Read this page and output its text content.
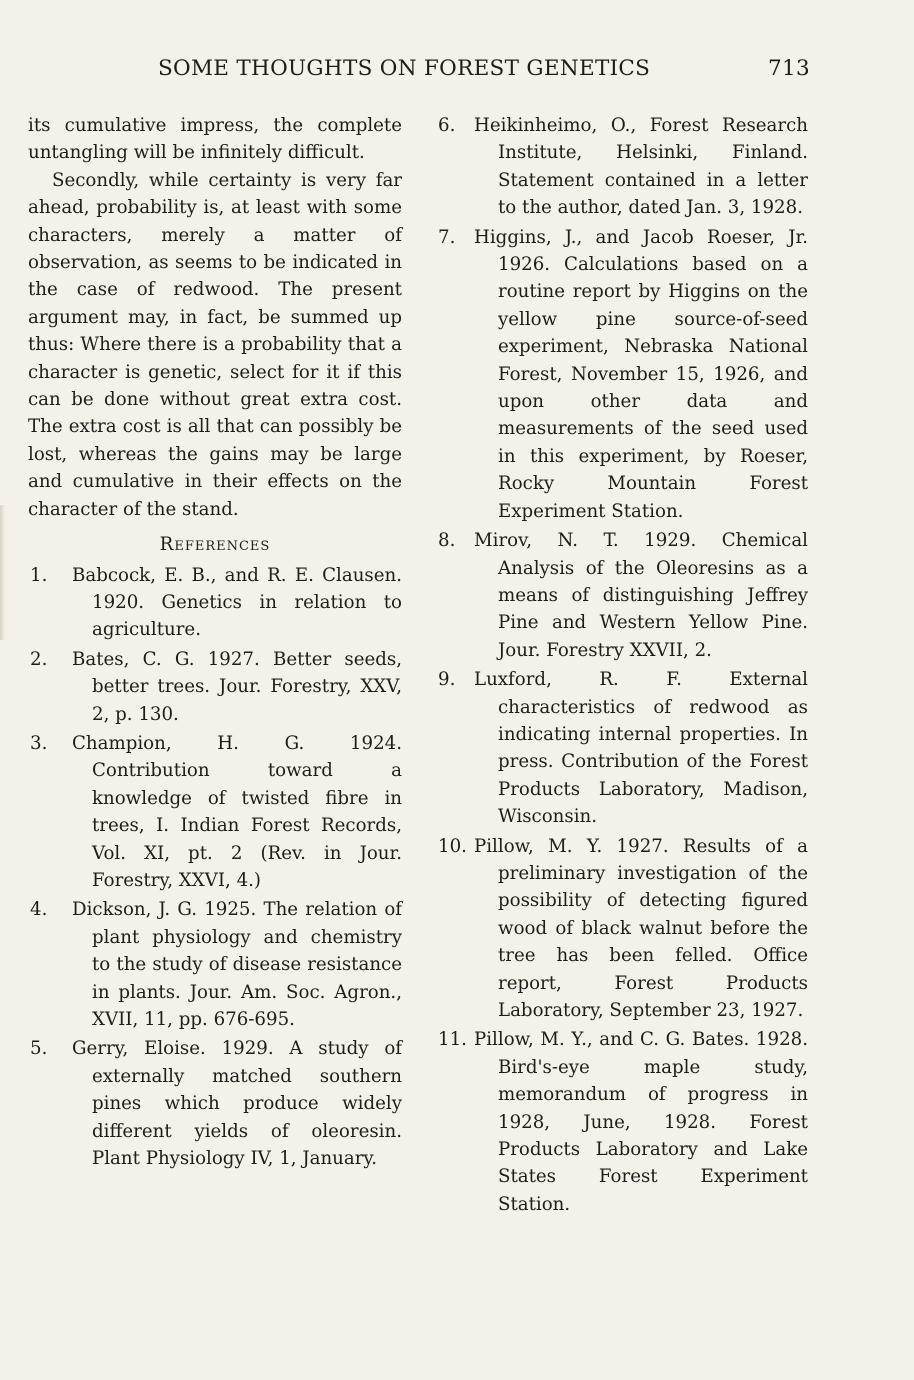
SOME THOUGHTS ON FOREST GENETICS	713

its cumulative impress, the complete untangling will be infinitely difficult.

Secondly, while certainty is very far ahead, probability is, at least with some characters, merely a matter of observation, as seems to be indicated in the case of redwood. The present argument may, in fact, be summed up thus: Where there is a probability that a character is genetic, select for it if this can be done without great extra cost. The extra cost is all that can possibly be lost, whereas the gains may be large and cumulative in their effects on the character of the stand.

References
1.	Babcock, E. B., and R. E. Clausen. 1920. Genetics in relation to agriculture.
2.	Bates, C. G. 1927. Better seeds, better trees. Jour. Forestry, XXV, 2, p. 130.
3.	Champion, H. G. 1924. Contribution toward a knowledge of twisted fibre in trees, I. Indian Forest Records, Vol. XI, pt. 2 (Rev. in Jour. Forestry, XXVI, 4.)
4.	Dickson, J. G. 1925. The relation of plant physiology and chemistry to the study of disease resistance in plants. Jour. Am. Soc. Agron., XVII, 11, pp. 676-695.
5.	Gerry, Eloise. 1929. A study of externally matched southern pines which produce widely different yields of oleoresin. Plant Physiology IV, 1, January.
6.	Heikinheimo, O., Forest Research Institute, Helsinki, Finland. Statement contained in a letter to the author, dated Jan. 3, 1928.
7.	Higgins, J., and Jacob Roeser, Jr. 1926. Calculations based on a routine report by Higgins on the yellow pine source-of-seed experiment, Nebraska National Forest, November 15, 1926, and upon other data and measurements of the seed used in this experiment, by Roeser, Rocky Mountain Forest Experiment Station.
8.	Mirov, N. T. 1929. Chemical Analysis of the Oleoresins as a means of distinguishing Jeffrey Pine and Western Yellow Pine. Jour. Forestry XXVII, 2.
9.	Luxford, R. F. External characteristics of redwood as indicating internal properties. In press. Contribution of the Forest Products Laboratory, Madison, Wisconsin.
10. Pillow, M. Y. 1927. Results of a preliminary investigation of the possibility of detecting figured wood of black walnut before the tree has been felled. Office report, Forest Products Laboratory, September 23, 1927.
11. Pillow, M. Y., and C. G. Bates. 1928. Bird's-eye maple study, memorandum of progress in 1928, June, 1928. Forest Products Laboratory and Lake States Forest Experiment Station.
